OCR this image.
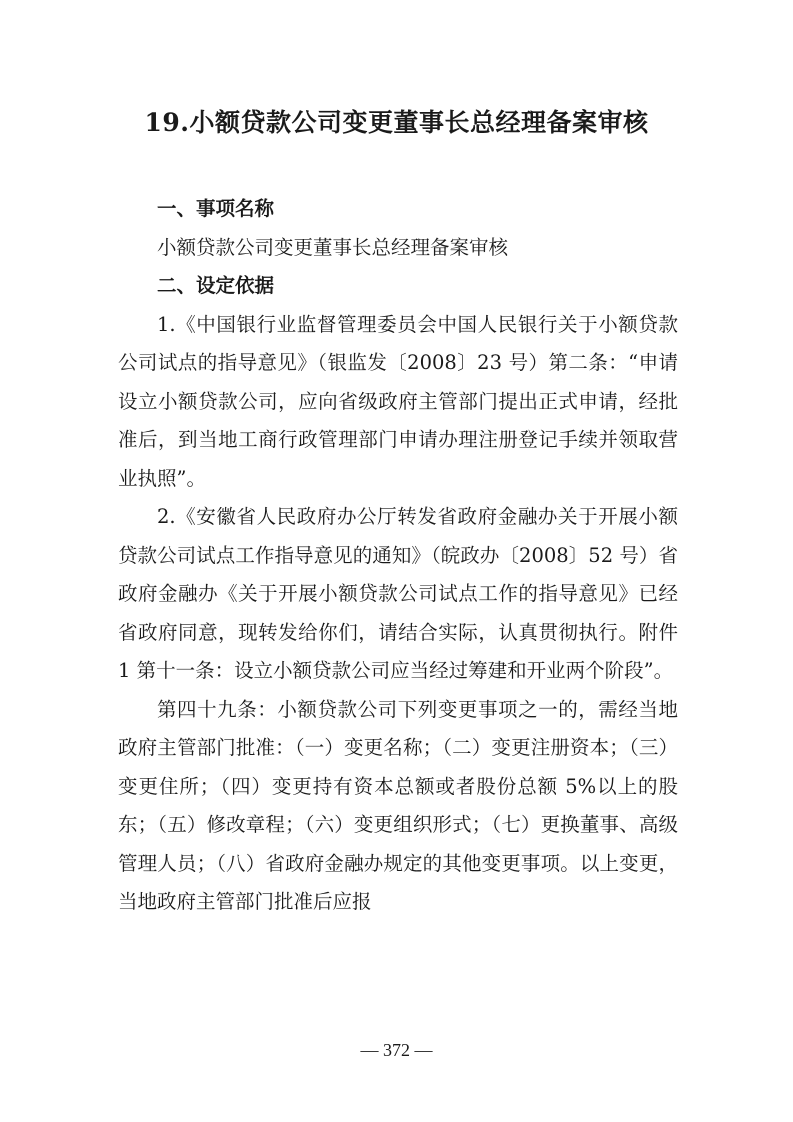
19.小额贷款公司变更董事长总经理备案审核

一、事项名称

小额贷款公司变更董事长总经理备案审核

二、设定依据

1.《中国银行业监督管理委员会中国人民银行关于小额贷款公司试点的指导意见》（银监发〔2008〕23 号）第二条：“申请设立小额贷款公司，应向省级政府主管部门提出正式申请，经批准后，到当地工商行政管理部门申请办理注册登记手续并领取营业执照”。

2.《安徽省人民政府办公厅转发省政府金融办关于开展小额贷款公司试点工作指导意见的通知》（皖政办〔2008〕52 号）省政府金融办《关于开展小额贷款公司试点工作的指导意见》已经省政府同意，现转发给你们，请结合实际，认真贯彻执行。附件 1 第十一条：设立小额贷款公司应当经过筹建和开业两个阶段”。

第四十九条：小额贷款公司下列变更事项之一的，需经当地政府主管部门批准：（一）变更名称；（二）变更注册资本；（三）变更住所；（四）变更持有资本总额或者股份总额 5%以上的股东；（五）修改章程；（六）变更组织形式；（七）更换董事、高级管理人员；（八）省政府金融办规定的其他变更事项。以上变更，当地政府主管部门批准后应报

— 372 —
